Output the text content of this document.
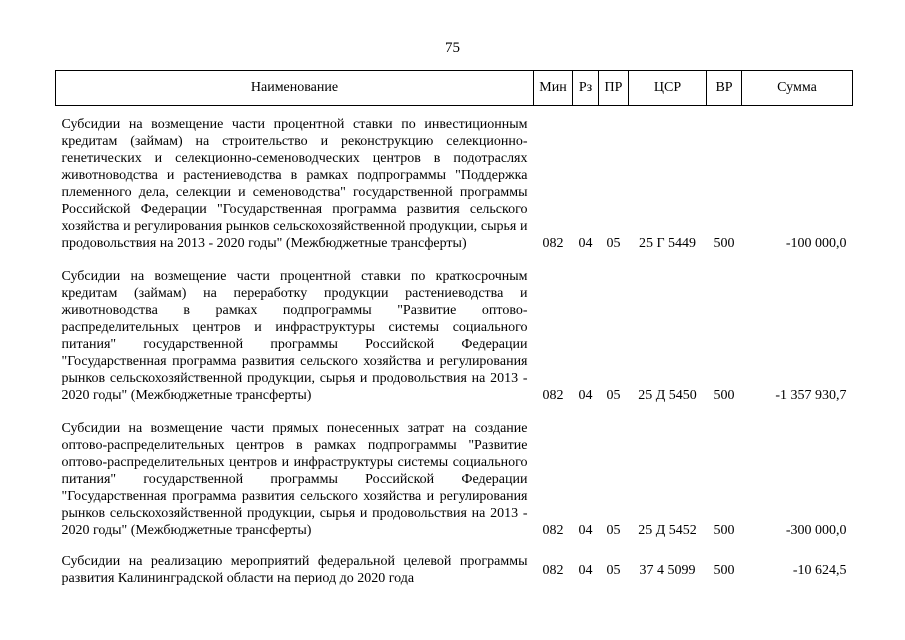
75
Наименование	Мин	Рз	ПР	ЦСР	ВР	Сумма
Субсидии на возмещение части процентной ставки по инвестиционным кредитам (займам) на строительство и реконструкцию селекционно-генетических и селекционно-семеноводческих центров в подотраслях животноводства и растениеводства в рамках подпрограммы "Поддержка племенного дела, селекции и семеноводства" государственной программы Российской Федерации "Государственная программа развития сельского хозяйства и регулирования рынков сельскохозяйственной продукции, сырья и продовольствия на 2013 - 2020 годы" (Межбюджетные трансферты)	082	04	05	25 Г 5449	500	-100 000,0
Субсидии на возмещение части процентной ставки по краткосрочным кредитам (займам) на переработку продукции растениеводства и животноводства в рамках подпрограммы "Развитие оптово-распределительных центров и инфраструктуры системы социального питания" государственной программы Российской Федерации "Государственная программа развития сельского хозяйства и регулирования рынков сельскохозяйственной продукции, сырья и продовольствия на 2013 - 2020 годы" (Межбюджетные трансферты)	082	04	05	25 Д 5450	500	-1 357 930,7
Субсидии на возмещение части прямых понесенных затрат на создание оптово-распределительных центров в рамках подпрограммы "Развитие оптово-распределительных центров и инфраструктуры системы социального питания" государственной программы Российской Федерации "Государственная программа развития сельского хозяйства и регулирования рынков сельскохозяйственной продукции, сырья и продовольствия на 2013 - 2020 годы" (Межбюджетные трансферты)	082	04	05	25 Д 5452	500	-300 000,0
Субсидии на реализацию мероприятий федеральной целевой программы развития Калининградской области на период до 2020 года	082	04	05	37 4 5099	500	-10 624,5
